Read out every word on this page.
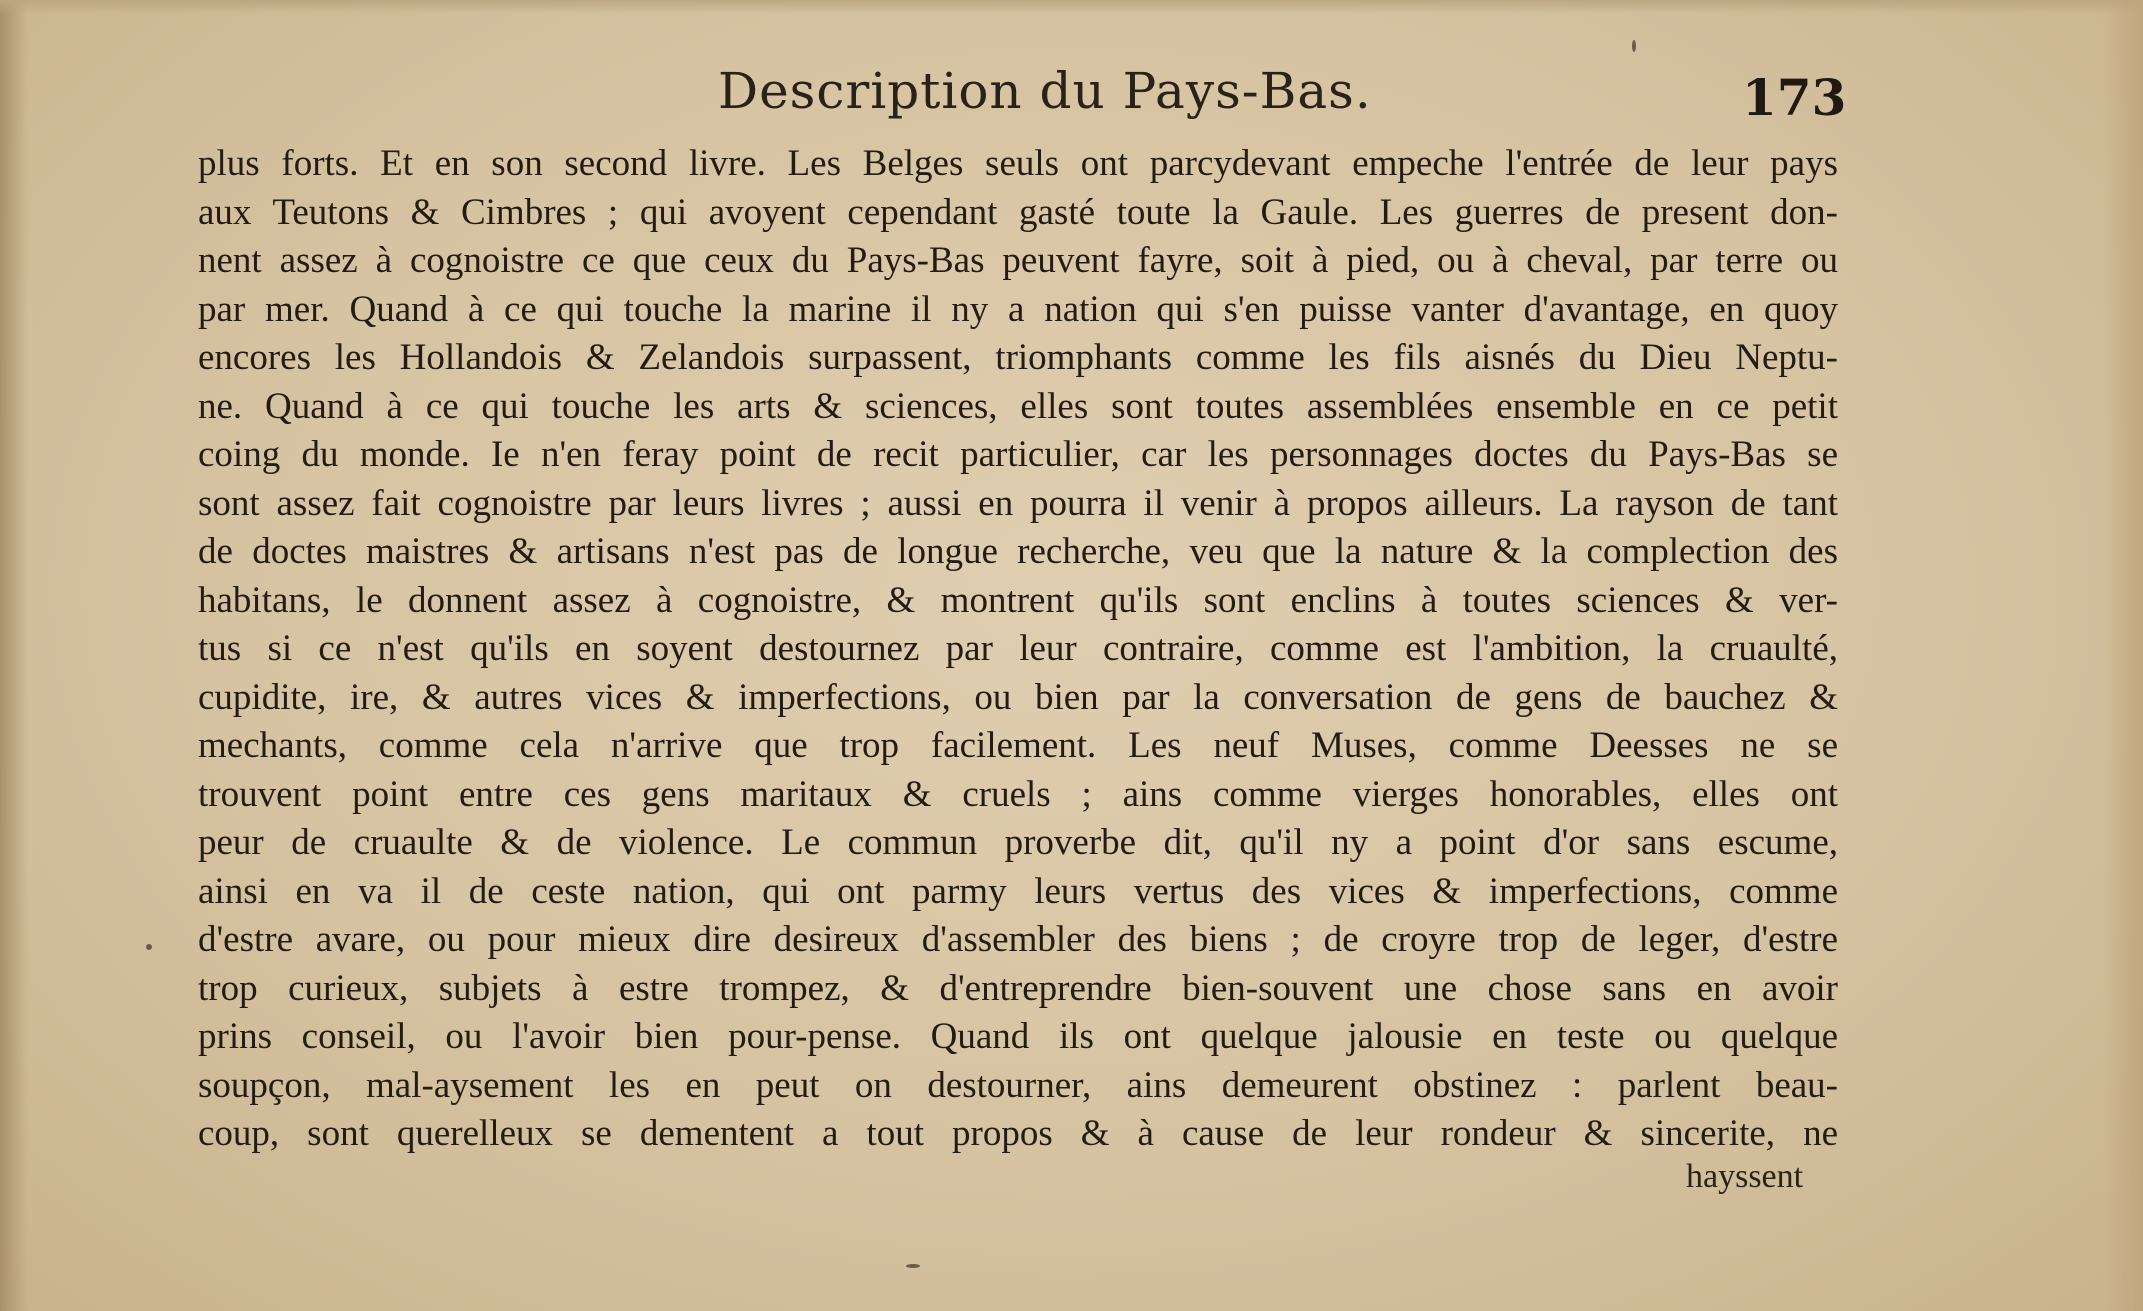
Description du Pays-Bas.	173
plus forts. Et en son second livre. Les Belges seuls ont parcydevant empeche l'entrée de leur pays
aux Teutons & Cimbres ; qui avoyent cependant gasté toute la Gaule. Les guerres de present don-
nent assez à cognoistre ce que ceux du Pays-Bas peuvent fayre, soit à pied, ou à cheval, par terre ou
par mer. Quand à ce qui touche la marine il ny a nation qui s'en puisse vanter d'avantage, en quoy
encores les Hollandois & Zelandois surpassent, triomphants comme les fils aisnés du Dieu Neptu-
ne. Quand à ce qui touche les arts & sciences, elles sont toutes assemblées ensemble en ce petit
coing du monde. Ie n'en feray point de recit particulier, car les personnages doctes du Pays-Bas se
sont assez fait cognoistre par leurs livres ; aussi en pourra il venir à propos ailleurs. La rayson de tant
de doctes maistres & artisans n'est pas de longue recherche, veu que la nature & la complection des
habitans, le donnent assez à cognoistre, & montrent qu'ils sont enclins à toutes sciences & ver-
tus si ce n'est qu'ils en soyent destournez par leur contraire, comme est l'ambition, la cruaulté,
cupidite, ire, & autres vices & imperfections, ou bien par la conversation de gens de bauchez &
mechants, comme cela n'arrive que trop facilement. Les neuf Muses, comme Deesses ne se
trouvent point entre ces gens maritaux & cruels ; ains comme vierges honorables, elles ont
peur de cruaulte & de violence. Le commun proverbe dit, qu'il ny a point d'or sans escume,
ainsi en va il de ceste nation, qui ont parmy leurs vertus des vices & imperfections, comme
d'estre avare, ou pour mieux dire desireux d'assembler des biens ; de croyre trop de leger, d'estre
trop curieux, subjets à estre trompez, & d'entreprendre bien-souvent une chose sans en avoir
prins conseil, ou l'avoir bien pour-pense. Quand ils ont quelque jalousie en teste ou quelque
soupçon, mal-aysement les en peut on destourner, ains demeurent obstinez : parlent beau-
coup, sont querelleux se dementent a tout propos & à cause de leur rondeur & sincerite, ne
hayssent
